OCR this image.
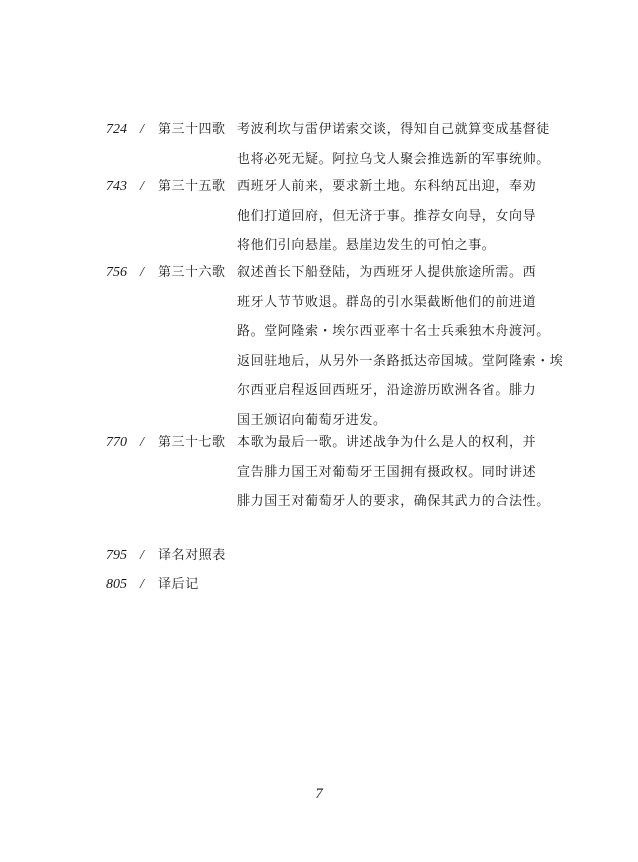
724 / 第三十四歌 考波利坎与雷伊诺索交谈，得知自己就算变成基督徒
也将必死无疑。阿拉乌戈人聚会推选新的军事统帅。
743 / 第三十五歌 西班牙人前来，要求新土地。东科纳瓦出迎，奉劝
他们打道回府，但无济于事。推荐女向导，女向导
将他们引向悬崖。悬崖边发生的可怕之事。
756 / 第三十六歌 叙述酋长下船登陆，为西班牙人提供旅途所需。西
班牙人节节败退。群岛的引水渠截断他们的前进道
路。堂阿隆索・埃尔西亚率十名士兵乘独木舟渡河。
返回驻地后，从另外一条路抵达帝国城。堂阿隆索・埃
尔西亚启程返回西班牙，沿途游历欧洲各省。腓力
国王颁诏向葡萄牙进发。
770 / 第三十七歌 本歌为最后一歌。讲述战争为什么是人的权利，并
宣告腓力国王对葡萄牙王国拥有摄政权。同时讲述
腓力国王对葡萄牙人的要求，确保其武力的合法性。
795 / 译名对照表
805 / 译后记
7
